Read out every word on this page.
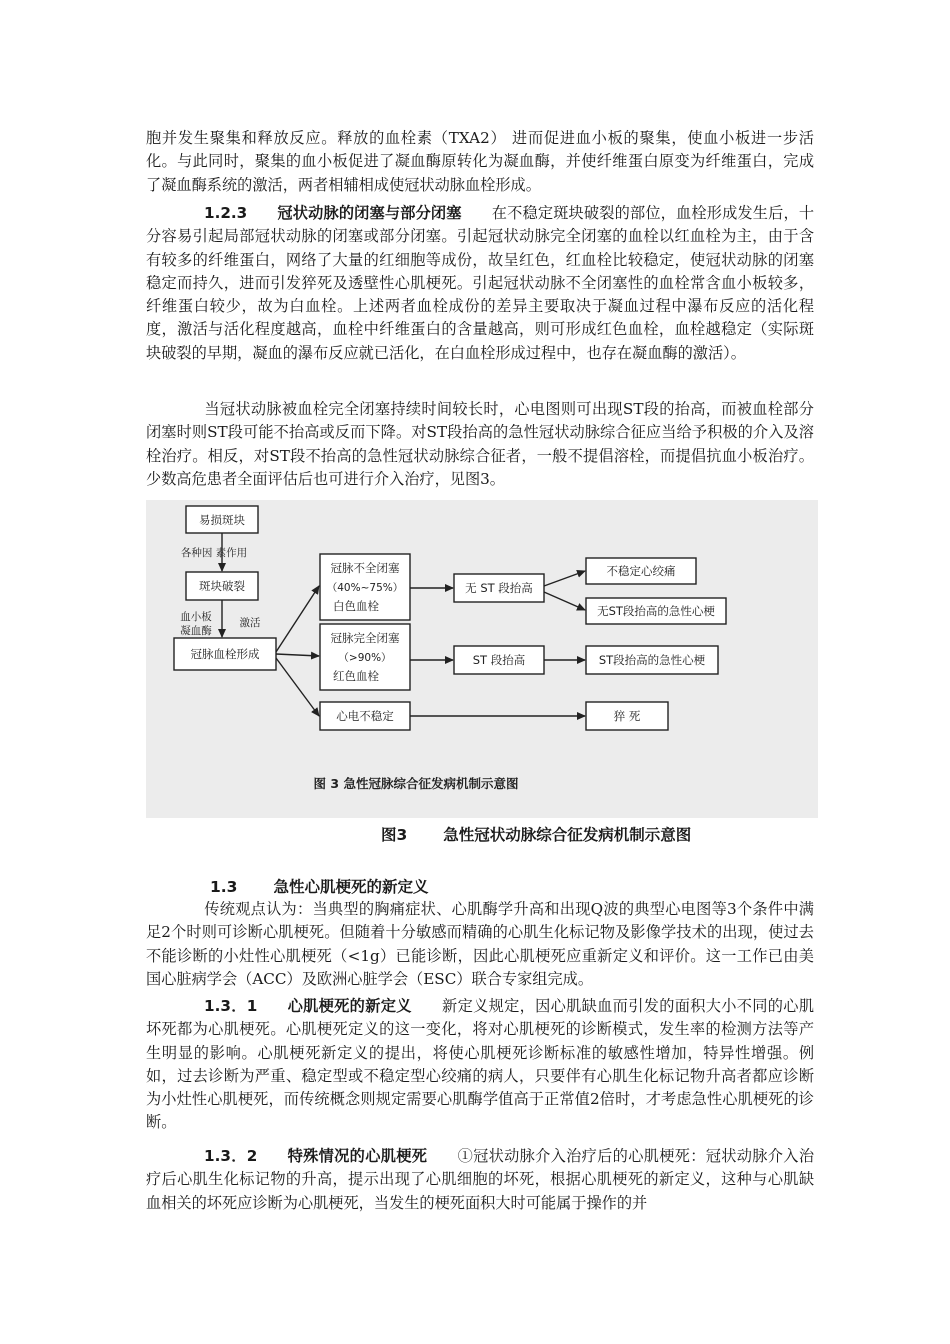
胞并发生聚集和释放反应。释放的血栓素（TXA2） 进而促进血小板的聚集，使血小板进一步活化。与此同时，聚集的血小板促进了凝血酶原转化为凝血酶，并使纤维蛋白原变为纤维蛋白，完成了凝血酶系统的激活，两者相辅相成使冠状动脉血栓形成。

1.2.3 冠状动脉的闭塞与部分闭塞 在不稳定斑块破裂的部位，血栓形成发生后，十分容易引起局部冠状动脉的闭塞或部分闭塞。引起冠状动脉完全闭塞的血栓以红血栓为主，由于含有较多的纤维蛋白，网络了大量的红细胞等成份，故呈红色，红血栓比较稳定，使冠状动脉的闭塞稳定而持久，进而引发猝死及透壁性心肌梗死。引起冠状动脉不全闭塞性的血栓常含血小板较多，纤维蛋白较少，故为白血栓。上述两者血栓成份的差异主要取决于凝血过程中瀑布反应的活化程度，激活与活化程度越高，血栓中纤维蛋白的含量越高，则可形成红色血栓，血栓越稳定（实际斑块破裂的早期，凝血的瀑布反应就已活化，在白血栓形成过程中，也存在凝血酶的激活）。

当冠状动脉被血栓完全闭塞持续时间较长时，心电图则可出现ST段的抬高，而被血栓部分闭塞时则ST段可能不抬高或反而下降。对ST段抬高的急性冠状动脉综合征应当给予积极的介入及溶栓治疗。相反，对ST段不抬高的急性冠状动脉综合征者，一般不提倡溶栓，而提倡抗血小板治疗。少数高危患者全面评估后也可进行介入治疗，见图3。

易损斑块
各种因 素作用
斑块破裂
血小板
凝血酶
激活
冠脉血栓形成
冠脉不全闭塞
（40%~75%）
白色血栓
冠脉完全闭塞
（>90%）
红色血栓
心电不稳定
无 ST 段抬高
ST 段抬高
不稳定心绞痛
无ST段抬高的急性心梗
ST段抬高的急性心梗
猝 死
图 3 急性冠脉综合征发病机制示意图
图3 急性冠状动脉综合征发病机制示意图
1.3 急性心肌梗死的新定义

传统观点认为：当典型的胸痛症状、心肌酶学升高和出现Q波的典型心电图等3个条件中满足2个时则可诊断心肌梗死。但随着十分敏感而精确的心肌生化标记物及影像学技术的出现，使过去不能诊断的小灶性心肌梗死（<1g）已能诊断，因此心肌梗死应重新定义和评价。这一工作已由美国心脏病学会（ACC）及欧洲心脏学会（ESC）联合专家组完成。

1.3．1 心肌梗死的新定义 新定义规定，因心肌缺血而引发的面积大小不同的心肌坏死都为心肌梗死。心肌梗死定义的这一变化，将对心肌梗死的诊断模式，发生率的检测方法等产生明显的影响。心肌梗死新定义的提出，将使心肌梗死诊断标准的敏感性增加，特异性增强。例如，过去诊断为严重、稳定型或不稳定型心绞痛的病人，只要伴有心肌生化标记物升高者都应诊断为小灶性心肌梗死，而传统概念则规定需要心肌酶学值高于正常值2倍时，才考虑急性心肌梗死的诊断。

1.3．2 特殊情况的心肌梗死 ①冠状动脉介入治疗后的心肌梗死：冠状动脉介入治疗后心肌生化标记物的升高，提示出现了心肌细胞的坏死，根据心肌梗死的新定义，这种与心肌缺血相关的坏死应诊断为心肌梗死，当发生的梗死面积大时可能属于操作的并
